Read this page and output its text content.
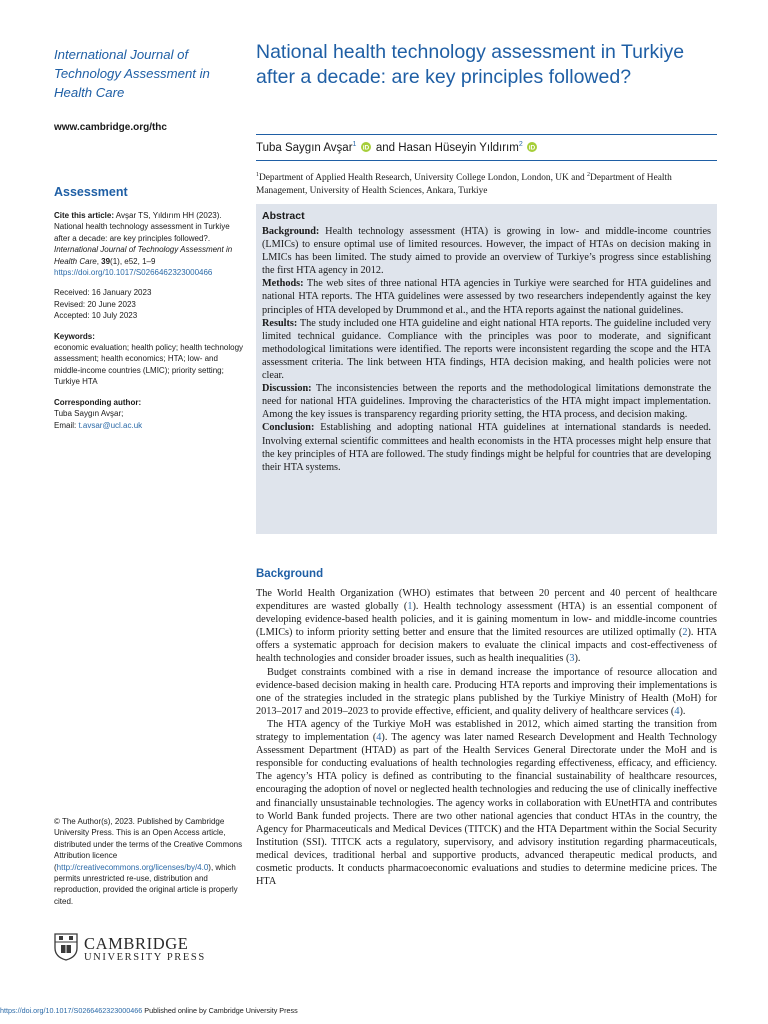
International Journal of Technology Assessment in Health Care
www.cambridge.org/thc
Assessment

Cite this article: Avşar TS, Yıldırım HH (2023). National health technology assessment in Turkiye after a decade: are key principles followed?. International Journal of Technology Assessment in Health Care, 39(1), e52, 1–9
https://doi.org/10.1017/S0266462323000466

Received: 16 January 2023

Revised: 20 June 2023

Accepted: 10 July 2023

Keywords:

economic evaluation; health policy; health technology assessment; health economics; HTA; low- and middle-income countries (LMIC); priority setting; Turkiye HTA

Corresponding author:

Tuba Saygın Avşar;

Email: t.avsar@ucl.ac.uk

© The Author(s), 2023. Published by Cambridge University Press. This is an Open Access article, distributed under the terms of the Creative Commons Attribution licence (http://creativecommons.org/licenses/by/4.0), which permits unrestricted re-use, distribution and reproduction, provided the original article is properly cited.

CAMBRIDGE
UNIVERSITY PRESS
National health technology assessment in Turkiye after a decade: are key principles followed?
Tuba Saygın Avşar$^1$ iD and Hasan Hüseyin Yıldırım$^2$ iD
$^1$Department of Applied Health Research, University College London, London, UK and $^2$Department of Health Management, University of Health Sciences, Ankara, Turkiye
Abstract

Background: Health technology assessment (HTA) is growing in low- and middle-income countries (LMICs) to ensure optimal use of limited resources. However, the impact of HTAs on decision making in LMICs has been limited. The study aimed to provide an overview of Turkiye’s progress since establishing the first HTA agency in 2012.

Methods: The web sites of three national HTA agencies in Turkiye were searched for HTA guidelines and national HTA reports. The HTA guidelines were assessed by two researchers independently against the key principles of HTA developed by Drummond et al., and the HTA reports against the national guidelines.

Results: The study included one HTA guideline and eight national HTA reports. The guideline included very limited technical guidance. Compliance with the principles was poor to moderate, and significant methodological limitations were identified. The reports were inconsistent regarding the scope and the HTA assessment criteria. The link between HTA findings, HTA decision making, and health policies were not clear.

Discussion: The inconsistencies between the reports and the methodological limitations demonstrate the need for national HTA guidelines. Improving the characteristics of the HTA might impact implementation. Among the key issues is transparency regarding priority setting, the HTA process, and decision making.

Conclusion: Establishing and adopting national HTA guidelines at international standards is needed. Involving external scientific committees and health economists in the HTA processes might help ensure that the key principles of HTA are followed. The study findings might be helpful for countries that are developing their HTA systems.

Background

The World Health Organization (WHO) estimates that between 20 percent and 40 percent of healthcare expenditures are wasted globally (1). Health technology assessment (HTA) is an essential component of developing evidence-based health policies, and it is gaining momentum in low- and middle-income countries (LMICs) to inform priority setting better and ensure that the limited resources are utilized optimally (2). HTA offers a systematic approach for decision makers to evaluate the clinical impacts and cost-effectiveness of health technologies and consider broader issues, such as health inequalities (3).

Budget constraints combined with a rise in demand increase the importance of resource allocation and evidence-based decision making in health care. Producing HTA reports and improving their implementations is one of the strategies included in the strategic plans published by the Turkiye Ministry of Health (MoH) for 2013–2017 and 2019–2023 to provide effective, efficient, and quality delivery of healthcare services (4).

The HTA agency of the Turkiye MoH was established in 2012, which aimed starting the transition from strategy to implementation (4). The agency was later named Research Development and Health Technology Assessment Department (HTAD) as part of the Health Services General Directorate under the MoH and is responsible for conducting evaluations of health technologies regarding effectiveness, efficacy, and efficiency. The agency’s HTA policy is defined as contributing to the financial sustainability of healthcare resources, encouraging the adoption of novel or neglected health technologies and reducing the use of clinically ineffective and financially unsustainable technologies. The agency works in collaboration with EUnetHTA and contributes to World Bank funded projects. There are two other national agencies that conduct HTAs in the country, the Agency for Pharmaceuticals and Medical Devices (TITCK) and the HTA Department within the Social Security Institution (SSI). TITCK acts a regulatory, supervisory, and advisory institution regarding pharmaceuticals, medical devices, traditional herbal and supportive products, advanced therapeutic medical products, and cosmetic products. It conducts pharmacoeconomic evaluations and studies to determine medicine prices. The HTA

https://doi.org/10.1017/S0266462323000466 Published online by Cambridge University Press
